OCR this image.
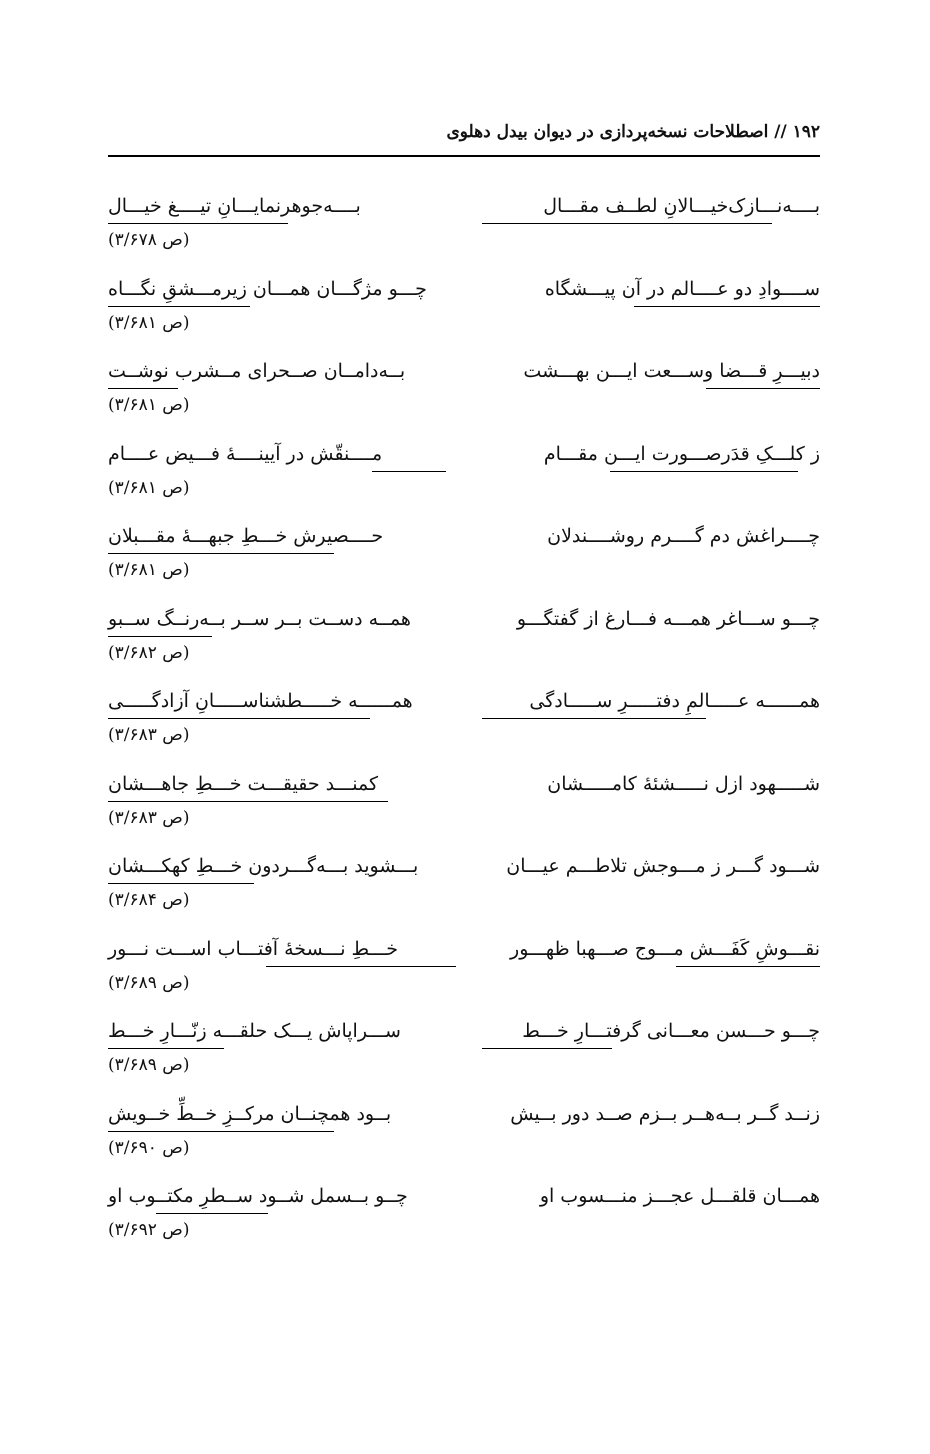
۱۹۲ // اصطلاحات نسخه‌پردازی در دیوان بیدل دهلوی
بــــه‌نـــازک‌خیـــالانِ لطــف مقـــال
بــــه‌جوهرنمایـــانِ تیــــغ خیـــال
(ص ۳/۶۷۸)
ســــوادِ دو عــــالم در آن پیـــشگاه
چـــو مژگـــان همـــان زیرمـــشقِ نگـــاه
(ص ۳/۶۸۱)
دبیـــرِ قـــضا وســـعت ایـــن بهـــشت
بــه‌دامــان صــحرای مــشرب نوشــت
(ص ۳/۶۸۱)
ز کلـــکِ قدَرصـــورت ایـــن مقـــام
مــــنقّش در آیینــــهٔ فـــیض عــــام
(ص ۳/۶۸۱)
چــــراغش دم گــــرم روشــــندلان
حــــصیرش خـــطِ جبهـــهٔ مقـــبلان
(ص ۳/۶۸۱)
چـــو ســـاغر همـــه فـــارغ از گفتگـــو
همــه دســت بــر ســر بــه‌رنــگ ســبو
(ص ۳/۶۸۲)
همــــــه عـــــالمِ دفتـــــرِ ســـــادگی
همــــــه خـــــطشناســـــانِ آزادگـــــی
(ص ۳/۶۸۳)
شـــــهود ازل نـــــشئهٔ کامـــــشان
کمنـــد حقیقـــت خـــطِ جاهـــشان
(ص ۳/۶۸۳)
شـــود گـــر ز مـــوجش تلاطـــم عیـــان
بـــشوید بـــه‌گـــردون خـــطِ کهکـــشان
(ص ۳/۶۸۴)
نقـــوشِ کَفَـــش مـــوج صـــهبا ظهـــور
خـــطِ نـــسخهٔ آفتـــاب اســـت نـــور
(ص ۳/۶۸۹)
چـــو حـــسن معـــانی گرفتـــارِ خـــط
ســـراپاش یـــک حلقـــه زنّـــارِ خـــط
(ص ۳/۶۸۹)
زنــد گــر بــه‌هــر بــزم صــد دور بــیش
بــود همچنــان مرکــزِ خــطِّ خــویش
(ص ۳/۶۹۰)
همـــان قلقـــل عجـــز منـــسوب او
چــو بــسمل شــود ســطرِ مکتــوب او
(ص ۳/۶۹۲)
